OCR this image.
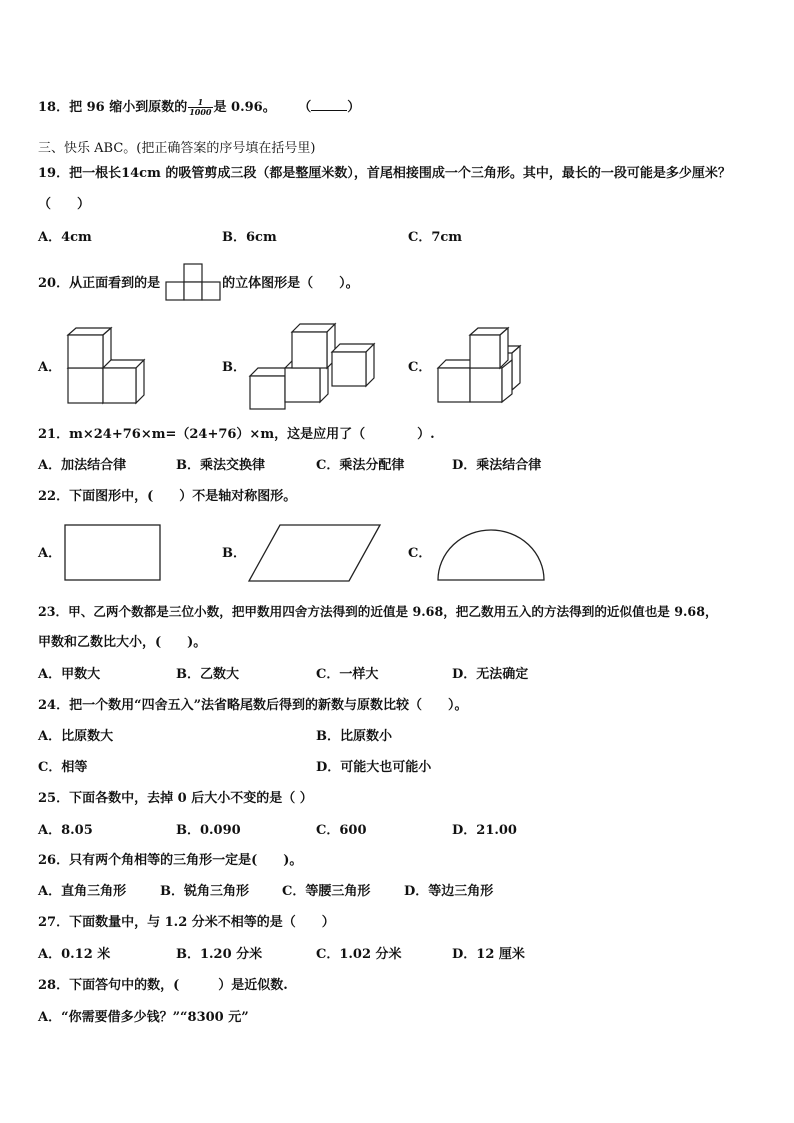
18．把 96 缩小到原数的 $\frac{1}{1000}$ 是 0.96。 （	）
三、快乐 ABC。(把正确答案的序号填在括号里)
19．把一根长14cm 的吸管剪成三段（都是整厘米数），首尾相接围成一个三角形。其中，最长的一段可能是多少厘米？
（　　）
A．4cm	B．6cm	C．7cm
20．从正面看到的是	的立体图形是（　　）。
A．	B．	C．
21．m×24+76×m=（24+76）×m，这是应用了（　　　　）.
A．加法结合律	B．乘法交换律	C．乘法分配律	D．乘法结合律
22．下面图形中，(　　）不是轴对称图形。
A．	B．	C．
23．甲、乙两个数都是三位小数，把甲数用四舍方法得到的近值是 9.68，把乙数用五入的方法得到的近似值也是 9.68，
甲数和乙数比大小，(　　)。
A．甲数大	B．乙数大	C．一样大	D．无法确定
24．把一个数用“四舍五入”法省略尾数后得到的新数与原数比较（　　）。
A．比原数大	B．比原数小
C．相等	D．可能大也可能小
25．下面各数中，去掉 0 后大小不变的是（ ）
A．8.05	B．0.090	C．600	D．21.00
26．只有两个角相等的三角形一定是(　　)。
A．直角三角形	B．锐角三角形	C．等腰三角形	D．等边三角形
27．下面数量中，与 1.2 分米不相等的是（　　）
A．0.12 米	B．1.20 分米	C．1.02 分米	D．12 厘米
28．下面答句中的数，(　　　）是近似数.
A．“你需要借多少钱？”“8300 元”
